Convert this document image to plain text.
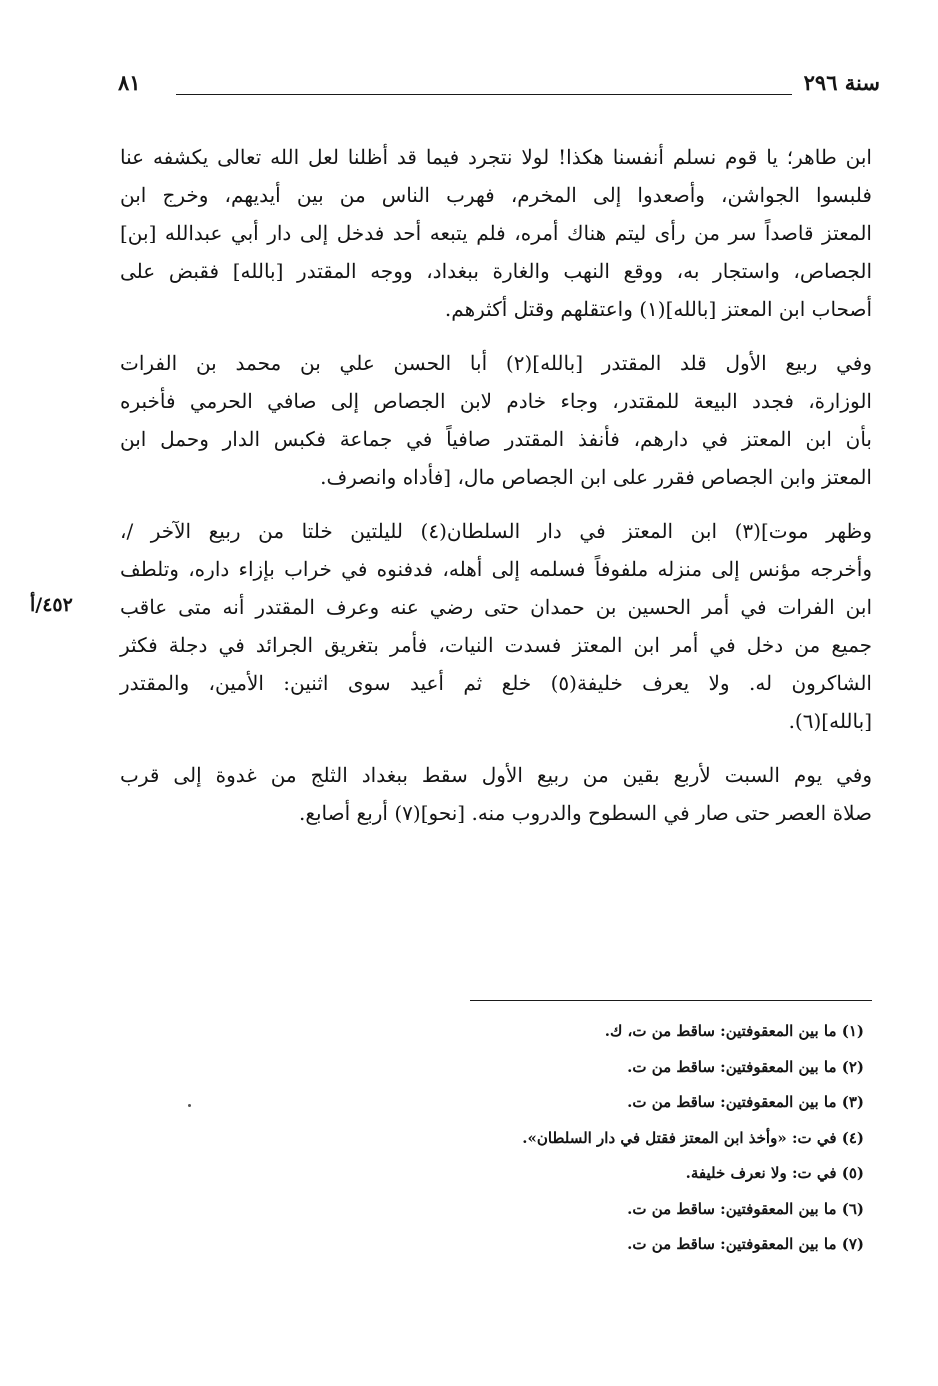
سنة ٢٩٦
٨١
٤٥٢/أ

ابن طاهر؛ يا قوم نسلم أنفسنا هكذا! لولا نتجرد فيما قد أظلنا لعل الله تعالى يكشفه عنا

فلبسوا الجواشن، وأصعدوا إلى المخرم، فهرب الناس من بين أيديهم، وخرج ابن

المعتز قاصداً سر من رأى ليتم هناك أمره، فلم يتبعه أحد فدخل إلى دار أبي عبدالله [بن]

الجصاص، واستجار به، ووقع النهب والغارة ببغداد، ووجه المقتدر [بالله] فقبض على

أصحاب ابن المعتز [بالله](١) واعتقلهم وقتل أكثرهم.

وفي ربيع الأول قلد المقتدر [بالله](٢) أبا الحسن علي بن محمد بن الفرات

الوزارة، فجدد البيعة للمقتدر، وجاء خادم لابن الجصاص إلى صافي الحرمي فأخبره

بأن ابن المعتز في دارهم، فأنفذ المقتدر صافياً في جماعة فكبس الدار وحمل ابن

المعتز وابن الجصاص فقرر على ابن الجصاص مال، [فأداه وانصرف.

وظهر موت](٣) ابن المعتز في دار السلطان(٤) لليلتين خلتا من ربيع الآخر /،

وأخرجه مؤنس إلى منزله ملفوفاً فسلمه إلى أهله، فدفنوه في خراب بإزاء داره، وتلطف

ابن الفرات في أمر الحسين بن حمدان حتى رضي عنه وعرف المقتدر أنه متى عاقب

جميع من دخل في أمر ابن المعتز فسدت النيات، فأمر بتغريق الجرائد في دجلة فكثر

الشاكرون له. ولا يعرف خليفة(٥) خلع ثم أعيد سوى اثنين: الأمين، والمقتدر

[بالله](٦).

وفي يوم السبت لأربع بقين من ربيع الأول سقط ببغداد الثلج من غدوة إلى قرب

صلاة العصر حتى صار في السطوح والدروب منه. [نحو](٧) أربع أصابع.

(١) ما بين المعقوفتين: ساقط من ت، ك.
(٢) ما بين المعقوفتين: ساقط من ت.
(٣) ما بين المعقوفتين: ساقط من ت.
(٤) في ت: «وأخذ ابن المعتز فقتل في دار السلطان».
(٥) في ت: ولا نعرف خليفة.
(٦) ما بين المعقوفتين: ساقط من ت.
(٧) ما بين المعقوفتين: ساقط من ت.
